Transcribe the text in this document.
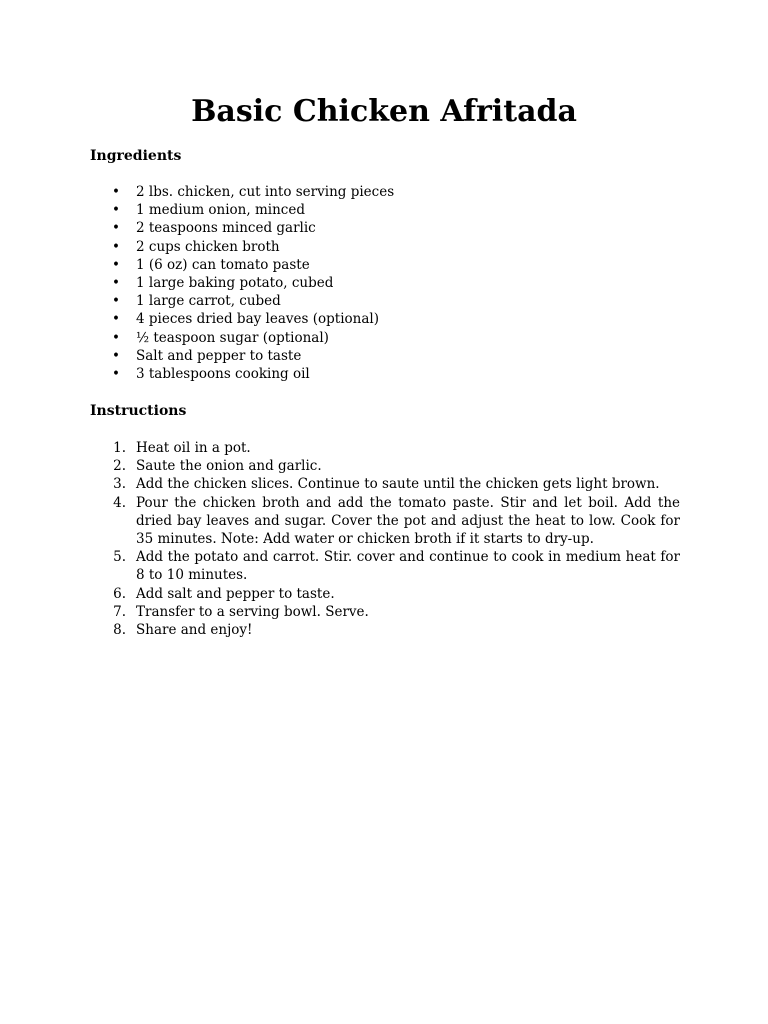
Basic Chicken Afritada
Ingredients
• 2 lbs. chicken, cut into serving pieces
• 1 medium onion, minced
• 2 teaspoons minced garlic
• 2 cups chicken broth
• 1 (6 oz) can tomato paste
• 1 large baking potato, cubed
• 1 large carrot, cubed
• 4 pieces dried bay leaves (optional)
• ½ teaspoon sugar (optional)
• Salt and pepper to taste
• 3 tablespoons cooking oil
Instructions
1. Heat oil in a pot.
2. Saute the onion and garlic.
3. Add the chicken slices. Continue to saute until the chicken gets light brown.
4. Pour the chicken broth and add the tomato paste. Stir and let boil. Add the dried bay leaves and sugar. Cover the pot and adjust the heat to low. Cook for 35 minutes. Note: Add water or chicken broth if it starts to dry-up.
5. Add the potato and carrot. Stir. cover and continue to cook in medium heat for 8 to 10 minutes.
6. Add salt and pepper to taste.
7. Transfer to a serving bowl. Serve.
8. Share and enjoy!
